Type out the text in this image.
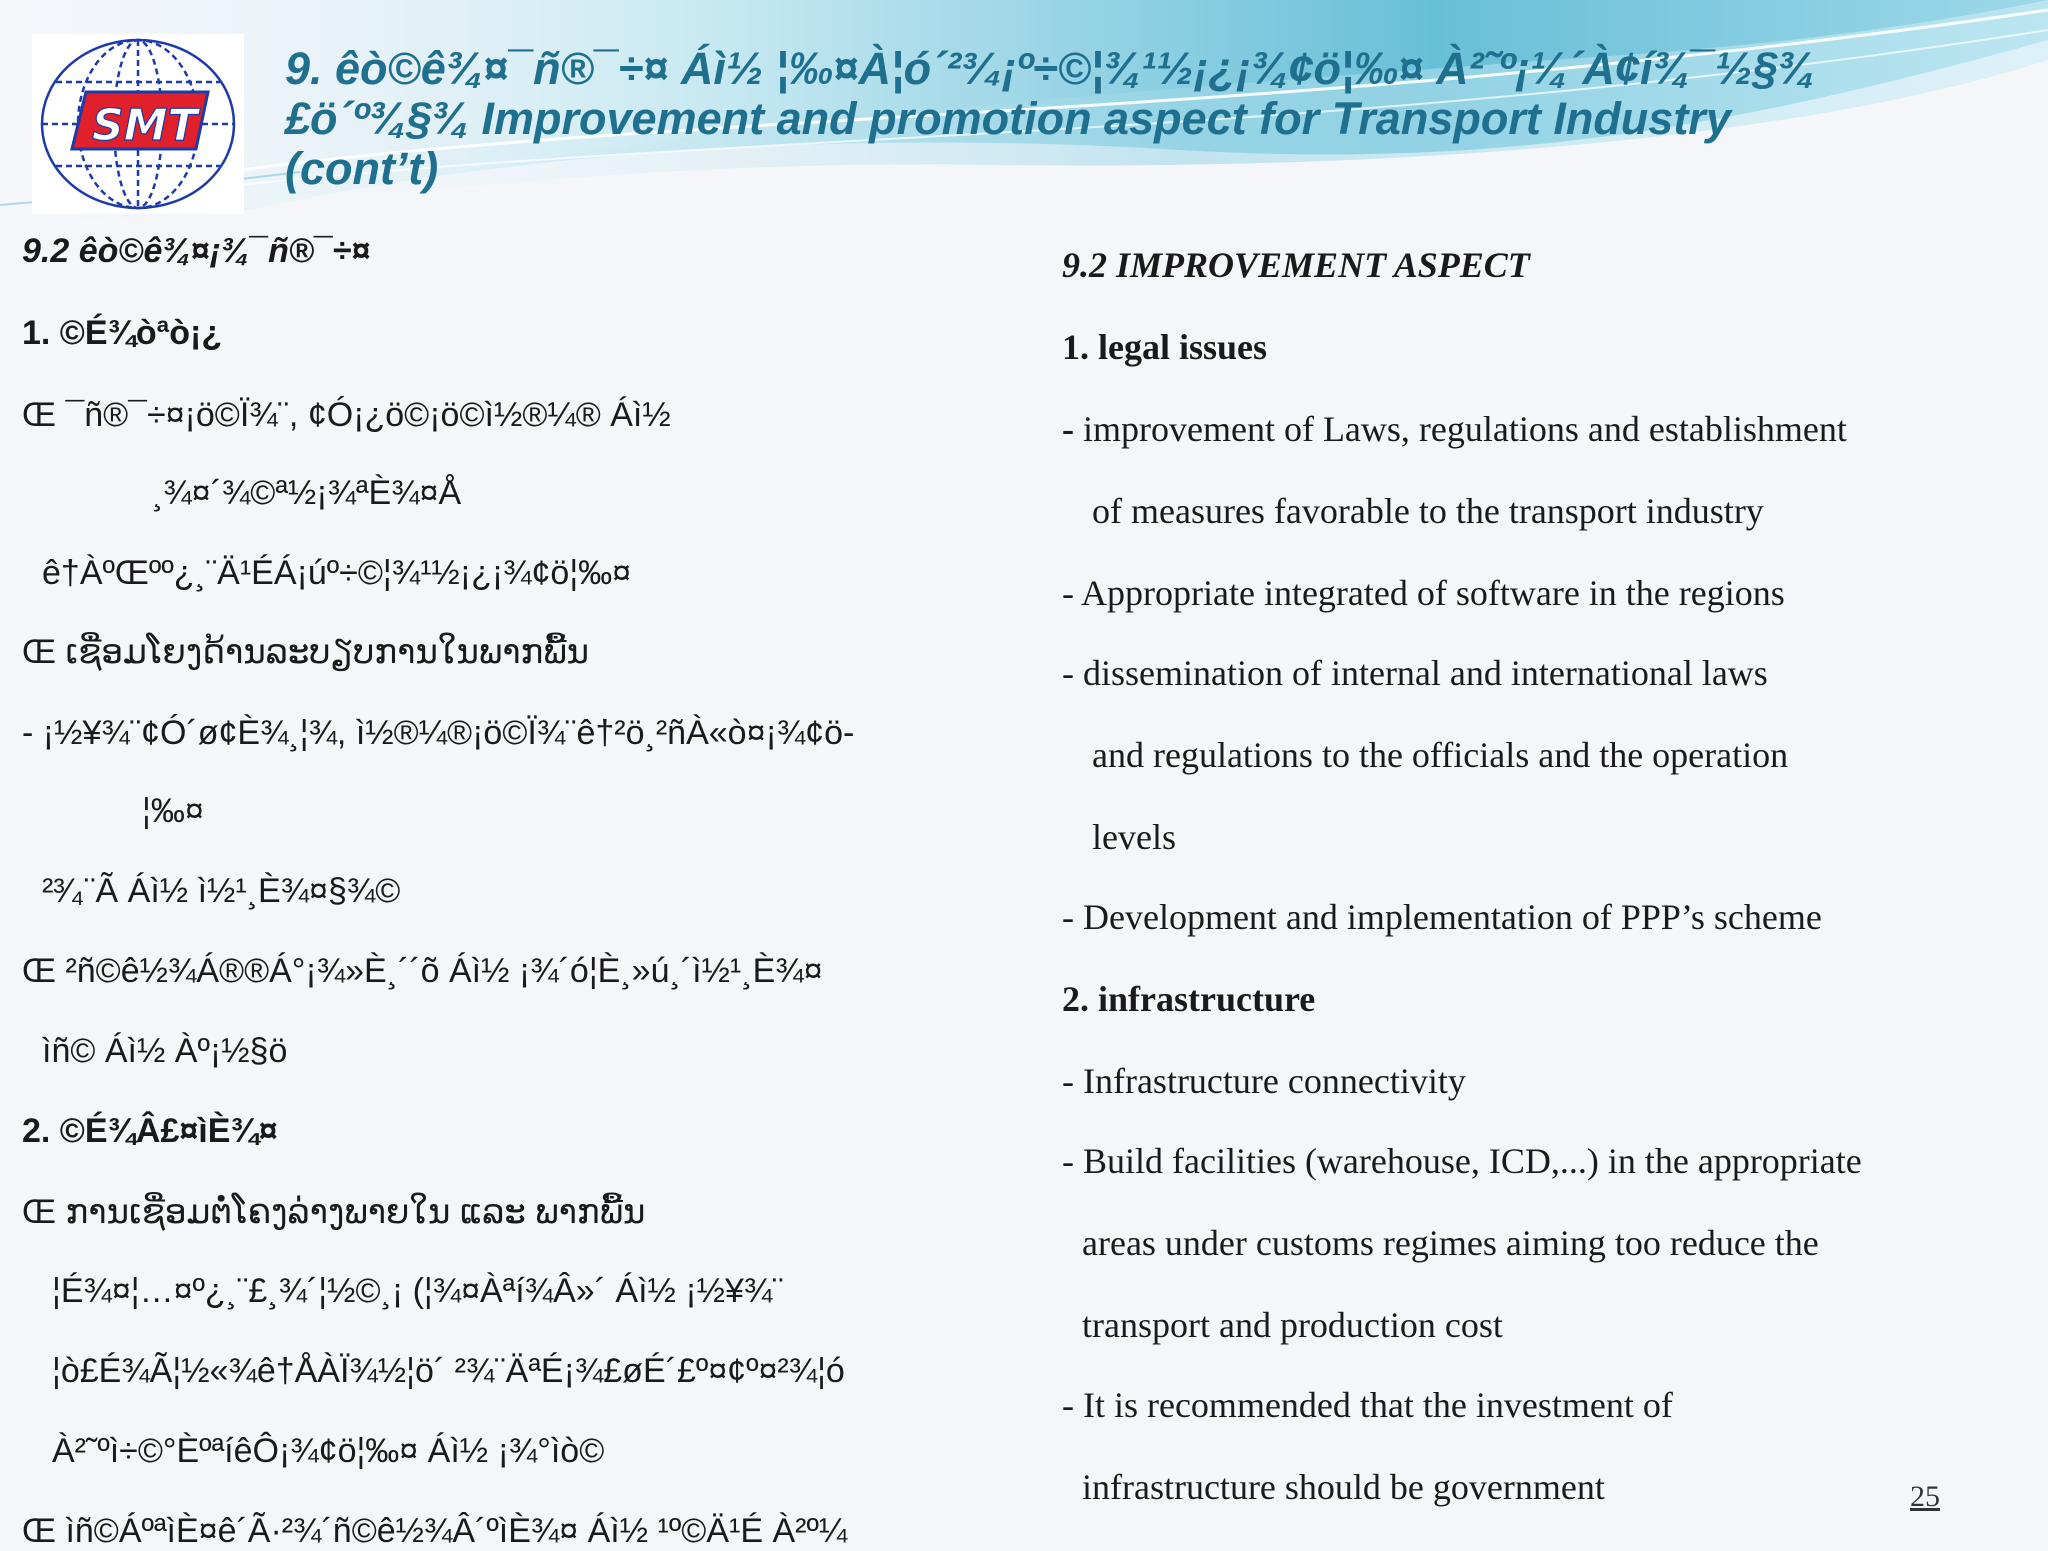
SMT
9. êò©ê¾¤¯ñ®¯÷¤ Áì½ ¦‰¤À¦ó´²³⁄₄¡º÷©¦¾¹½¡¿¡¾¢ö¦‰¤ À²˜º¡¼´À¢í¾¯½§¾
£ö´º¾§¾ Improvement and promotion aspect for Transport Industry
(cont’t)
9.2 êò©ê¾¤¡¾¯ñ®¯÷¤
1. ©É¾òªò¡¿
Œ ¯ñ®¯÷¤¡ö©Ï¾¨, ¢Ó¡¿ö©¡ö©ì½®¼® Áì½
¸¾¤´¾©ª½¡¾ªÈ¾¤Å
ê†ÀºŒºº¿¸¨Ä¹ÉÁ¡úº÷©¦¾¹½¡¿¡¾¢ö¦‰¤
Œ ເຊື່ອມໂຍງດ້ານລະບຽບການໃນພາກພື້ນ
- ¡½¥¾¨¢Ó´ø¢È¾¸¦¾, ì½®¼®¡ö©Ï¾¨ê†²ö¸²ñÀ«ò¤¡¾¢ö-
¦‰¤
²³⁄₄¨Ã Áì½ ì½¹¸È¾¤§¾©
Œ ²ñ©ê½¾Á®®Á°¡¾»È¸´´õ Áì½ ¡¾´ó¦È¸»ú¸´ì½¹¸È¾¤
ìñ© Áì½ Àº¡½§ö
2. ©É¾Â£¤ìÈ¾¤
Œ ການເຊື່ອມຕໍ່ໂຄງລ່າງພາຍໃນ ແລະ ພາກພື້ນ
¦É¾¤¦…¤º¿¸¨£¸¾´¦½©¸¡ (¦¾¤Àªí¾Â»´ Áì½ ¡½¥¾¨
¦ò£É¾Ã¦½«¾ê†ÅÀÏ¾½¦ö´ ²¾¨ÄªÉ¡¾£øÉ´£º¤¢º¤²¾¦ó
À²˜ºì÷©°ÈºªíêÔ¡¾¢ö¦‰¤ Áì½ ¡¾°ìò©
Œ ìñ©ÁºªìÈ¤ê´Ã·²¾´ñ©ê½¾Â´ºìÈ¾¤ Áì½ ¹º©Ä¹É À²º¼
9.2 IMPROVEMENT ASPECT
1. legal issues
- improvement of Laws, regulations and establishment
of measures favorable to the transport industry
- Appropriate integrated of software in the regions
- dissemination of internal and international laws
and regulations to the officials and the operation
levels
- Development and implementation of PPP’s scheme
2. infrastructure
- Infrastructure connectivity
- Build facilities (warehouse, ICD,...) in the appropriate
areas under customs regimes aiming too reduce the
transport and production cost
- It is recommended that the investment of
infrastructure should be government	25
